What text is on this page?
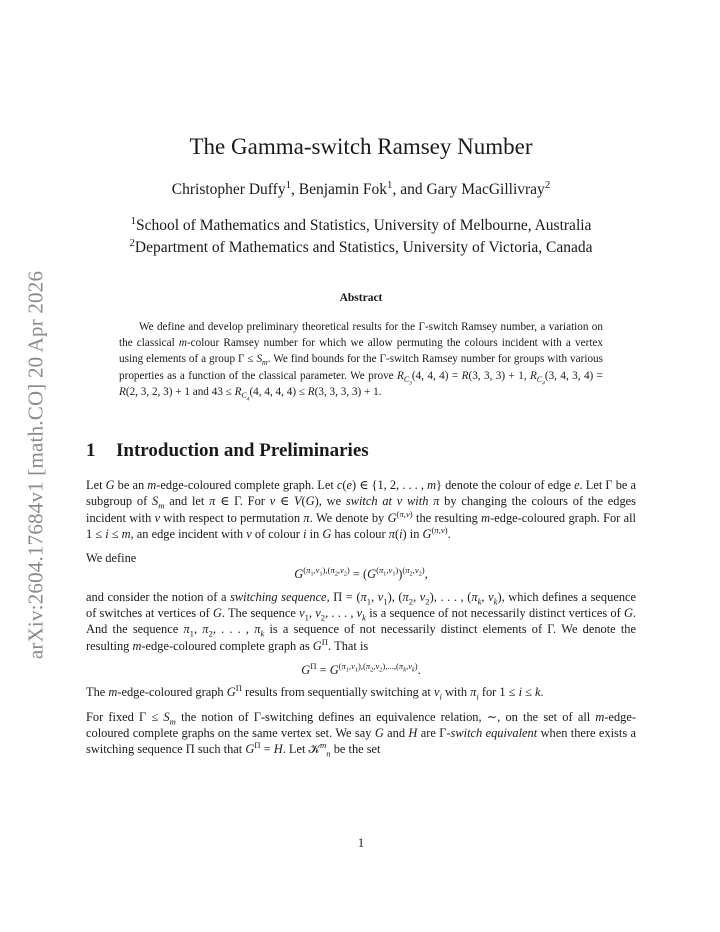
arXiv:2604.17684v1 [math.CO] 20 Apr 2026
The Gamma-switch Ramsey Number
Christopher Duffy$^1$, Benjamin Fok$^1$, and Gary MacGillivray$^2$
$^1$School of Mathematics and Statistics, University of Melbourne, Australia
$^2$Department of Mathematics and Statistics, University of Victoria, Canada
Abstract

We define and develop preliminary theoretical results for the Γ-switch Ramsey number, a variation on the classical m-colour Ramsey number for which we allow permuting the colours incident with a vertex using elements of a group $\Gamma \le S_m$. We find bounds for the Γ-switch Ramsey number for groups with various properties as a function of the classical parameter. We prove $R_{C_3}(4$, 4, 4) = R(3, 3, 3) + 1, $R_{C_4}(3$, 4, 3, 4) = R(2, 3, 2, 3) + 1 and $43 \le R_{C_4}(4$, 4, 4, 4) ≤ R(3, 3, 3, 3) + 1.

1 Introduction and Preliminaries

Let G be an m-edge-coloured complete graph. Let c(e) ∈ {1, 2, . . . , m} denote the colour of edge e. Let Γ be a subgroup of $S_m$ and let π ∈ Γ. For v ∈ V(G), we switch at v with π by changing the colours of the edges incident with v with respect to permutation π. We denote by $G^{(\pi,v)}$ the resulting m-edge-coloured graph. For all 1 ≤ i ≤ m, an edge incident with v of colour i in G has colour π(i) in $G^{(\pi,v)}$.

We define

$G^{(\pi_1,v_1),(\pi_2,v_2)} = (G^{(\pi_1,v_1)})^{(\pi_2,v_2)}$,

and consider the notion of a switching sequence, $\Pi = (\pi_1$, $v_1$), ($\pi_2$, $v_2$), . . . , ($\pi_k$, $v_k$), which defines a sequence of switches at vertices of G. The sequence $v_1$, $v_2$, . . . , $v_k$ is a sequence of not necessarily distinct vertices of G. And the sequence $\pi_1$, $\pi_2$, . . . , $\pi_k$ is a sequence of not necessarily distinct elements of Γ. We denote the resulting m-edge-coloured complete graph as $G^\Pi$. That is

$G^\Pi = G^{(\pi_1,v_1),(\pi_2,v_2),...,(\pi_k,v_k)}$.

The m-edge-coloured graph $G^\Pi$ results from sequentially switching at $v_i$ with $\pi_i$ for 1 ≤ i ≤ k.

For fixed $\Gamma \le S_m$ the notion of Γ-switching defines an equivalence relation, ∼, on the set of all m-edge-coloured complete graphs on the same vertex set. We say G and H are Γ-switch equivalent when there exists a switching sequence Π such that $G^\Pi = H$. Let 𝒦$^m_n$ be the set

1
